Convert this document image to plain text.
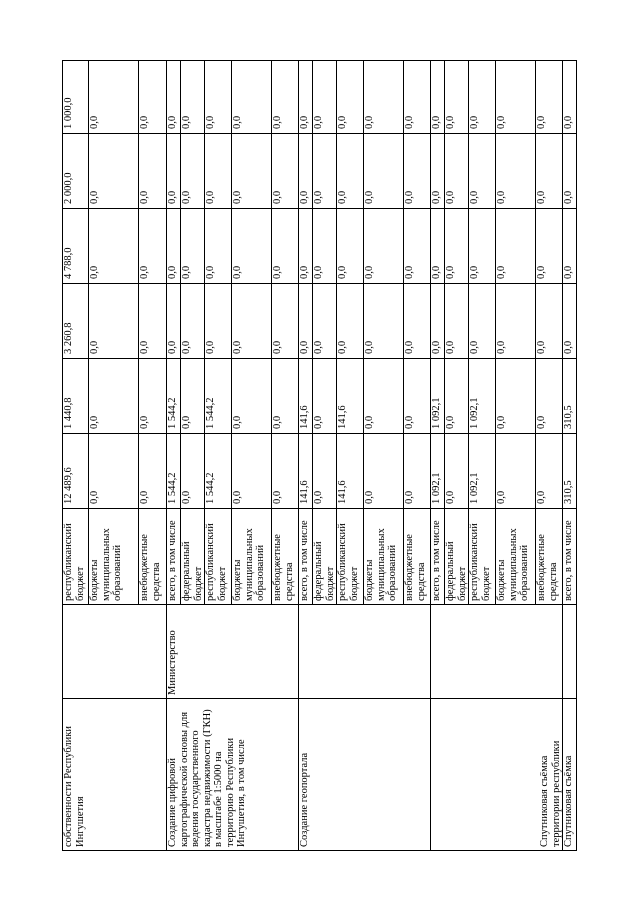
собственности Республики Ингушетия		республиканский бюджет	12 489,6	1 440,8	3 260,8	4 788,0	2 000,0	1 000,0
		бюджеты муниципальных образований	0,0	0,0	0,0	0,0	0,0	0,0
		внебюджетные средства	0,0	0,0	0,0	0,0	0,0	0,0
Создание цифровой картографической основы для ведения государственного кадастра недвижимости (ГКН) в масштабе 1:5000 на территорию Республики Ингушетия, в том числе	Министерство	всего, в том числе	1 544,2	1 544,2	0,0	0,0	0,0	0,0
		федеральный бюджет	0,0	0,0	0,0	0,0	0,0	0,0
		республиканский бюджет	1 544,2	1 544,2	0,0	0,0	0,0	0,0
		бюджеты муниципальных образований	0,0	0,0	0,0	0,0	0,0	0,0
		внебюджетные средства	0,0	0,0	0,0	0,0	0,0	0,0
Создание геопортала		всего, в том числе	141,6	141,6	0,0	0,0	0,0	0,0
		федеральный бюджет	0,0	0,0	0,0	0,0	0,0	0,0
		республиканский бюджет	141,6	141,6	0,0	0,0	0,0	0,0
		бюджеты муниципальных образований	0,0	0,0	0,0	0,0	0,0	0,0
		внебюджетные средства	0,0	0,0	0,0	0,0	0,0	0,0
Спутниковая съёмка территории республики		всего, в том числе	1 092,1	1 092,1	0,0	0,0	0,0	0,0
		федеральный бюджет	0,0	0,0	0,0	0,0	0,0	0,0
		республиканский бюджет	1 092,1	1 092,1	0,0	0,0	0,0	0,0
		бюджеты муниципальных образований	0,0	0,0	0,0	0,0	0,0	0,0
		внебюджетные средства	0,0	0,0	0,0	0,0	0,0	0,0
Спутниковая съёмка		всего, в том числе	310,5	310,5	0,0	0,0	0,0	0,0
